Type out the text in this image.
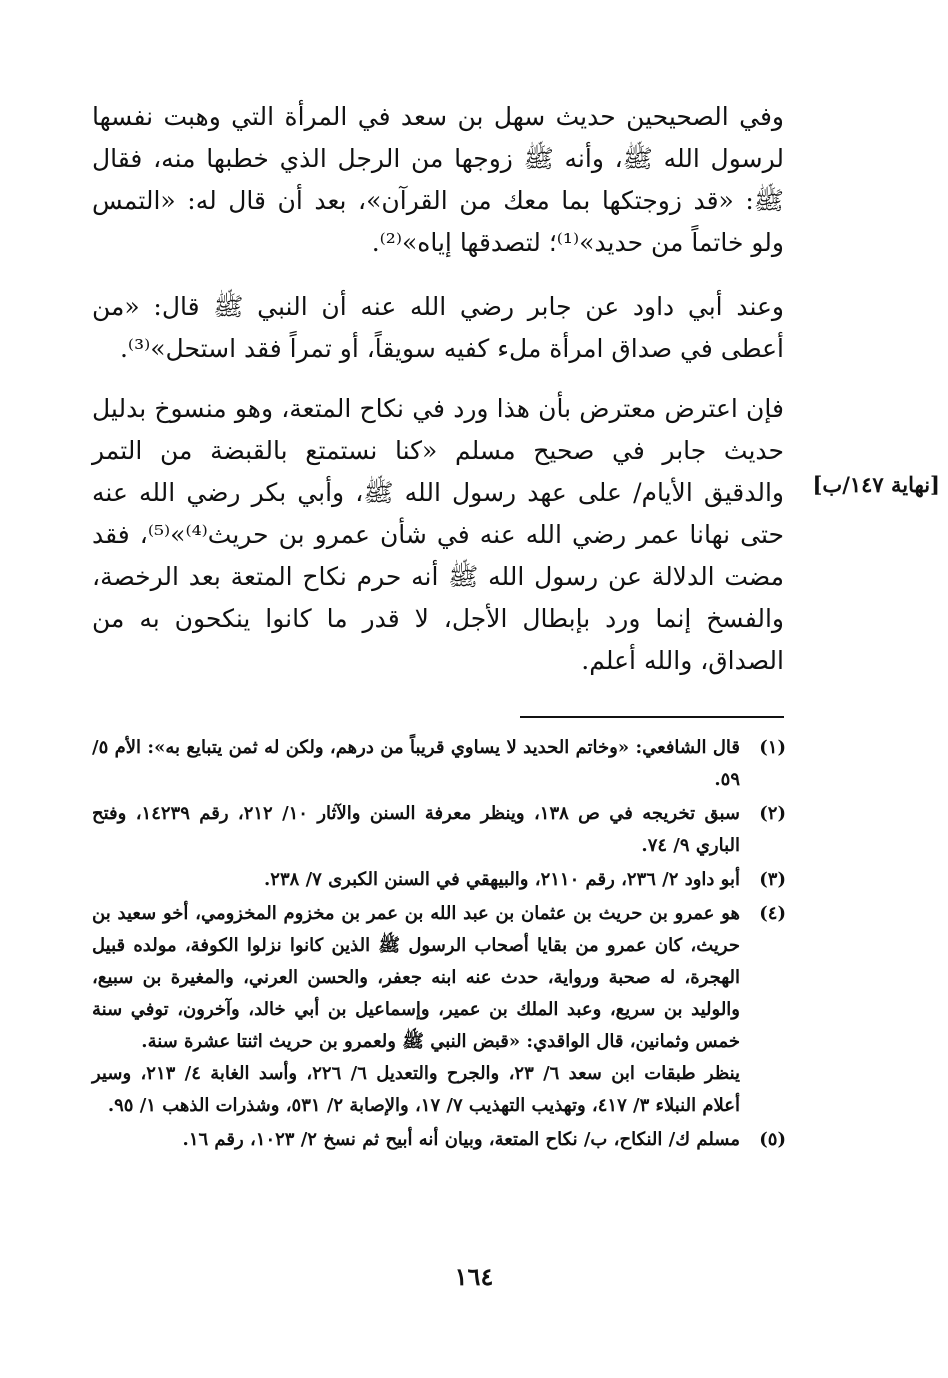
وفي الصحيحين حديث سهل بن سعد في المرأة التي وهبت نفسها لرسول الله ﷺ، وأنه ﷺ زوجها من الرجل الذي خطبها منه، فقال ﷺ: «قد زوجتكها بما معك من القرآن»، بعد أن قال له: «التمس ولو خاتماً من حديد»⁽¹⁾؛ لتصدقها إياه»⁽²⁾.

وعند أبي داود عن جابر رضي الله عنه أن النبي ﷺ قال: «من أعطى في صداق امرأة ملء كفيه سويقاً، أو تمراً فقد استحل»⁽³⁾.

فإن اعترض معترض بأن هذا ورد في نكاح المتعة، وهو منسوخ بدليل حديث جابر في صحيح مسلم «كنا نستمتع بالقبضة من التمر والدقيق الأيام/ على عهد رسول الله ﷺ، وأبي بكر رضي الله عنه حتى نهانا عمر رضي الله عنه في شأن عمرو بن حريث⁽⁴⁾»⁽⁵⁾، فقد مضت الدلالة عن رسول الله ﷺ أنه حرم نكاح المتعة بعد الرخصة، والفسخ إنما ورد بإبطال الأجل، لا قدر ما كانوا ينكحون به من الصداق، والله أعلم.

[نهاية ١٤٧/ب]
(١)
قال الشافعي: «وخاتم الحديد لا يساوي قريباً من درهم، ولكن له ثمن يتبايع به»: الأم ٥/ ٥٩.
(٢)
سبق تخريجه في ص ١٣٨، وينظر معرفة السنن والآثار ١٠/ ٢١٢، رقم ١٤٢٣٩، وفتح الباري ٩/ ٧٤.
(٣)
أبو داود ٢/ ٢٣٦، رقم ٢١١٠، والبيهقي في السنن الكبرى ٧/ ٢٣٨.
(٤)
هو عمرو بن حريث بن عثمان بن عبد الله بن عمر بن مخزوم المخزومي، أخو سعيد بن حريث، كان عمرو من بقايا أصحاب الرسول ﷺ الذين كانوا نزلوا الكوفة، مولده قبيل الهجرة، له صحبة ورواية، حدث عنه ابنه جعفر، والحسن العرني، والمغيرة بن سبيع، والوليد بن سريع، وعبد الملك بن عمير، وإسماعيل بن أبي خالد، وآخرون، توفي سنة خمس وثمانين، قال الواقدي: «قبض النبي ﷺ ولعمرو بن حريث اثنتا عشرة سنة.
ينظر طبقات ابن سعد ٦/ ٢٣، والجرح والتعديل ٦/ ٢٢٦، وأسد الغابة ٤/ ٢١٣، وسير أعلام النبلاء ٣/ ٤١٧، وتهذيب التهذيب ٧/ ١٧، والإصابة ٢/ ٥٣١، وشذرات الذهب ١/ ٩٥.
(٥)
مسلم ك/ النكاح، ب/ نكاح المتعة، وبيان أنه أبيح ثم نسخ ٢/ ١٠٢٣، رقم ١٦.
١٦٤
